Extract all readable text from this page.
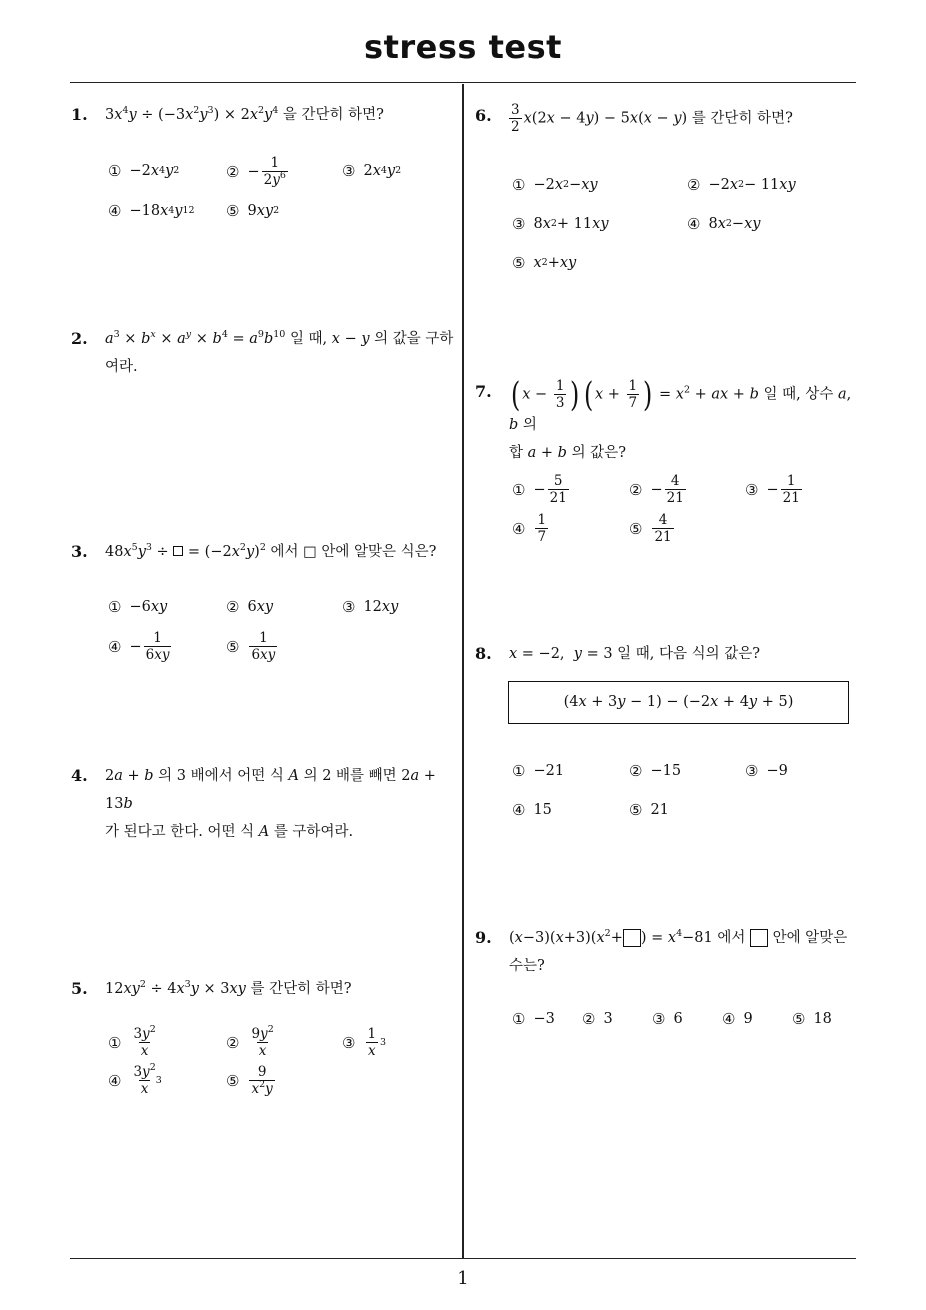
stress test
1
1. $3x^4y \div (-3x^2y^3) \times 2x^2y^4$ 을 간단히 하면?
① −2 x 4 y 2	② − $\frac{1}{2y^6}$	③ 2 x 4 y 2
④ −18 x 4 y 12 ⑤ 9 xy 2
2. $a^3 \times b^x \times a^y \times b^4 = a^9b^{10}$ 일 때, x − y 의 값을 구하
여라.
3. $48x^5y^3$ ÷  = $(-2x^2y)^2$ 에서 □ 안에 알맞은 식은?
① −6 xy	② 6 xy	③ 12 xy
④ − $\frac{1}{6xy}$	⑤ $\frac{1}{6xy}$
4. 2a + b 의 3 배에서 어떤 식 A 의 2 배를 빼면 2a + 13b
가 된다고 한다. 어떤 식 A 를 구하여라.
5. $12xy^2 \div 4x^3y \times 3xy$ 를 간단히 하면?
① $\frac{3y^2}{x}$	② $\frac{9y^2}{x}$	③ $\frac{1}{x} 3$
④ $\frac{3y^2}{x}$
3	⑤ $\frac{9}{x^2y}$
6. $\frac{3}{2} x(2x - 4y) - 5x(x - y)$ 를 간단히 하면?
① −2 x 2 − xy	② −2 x 2 − 11 xy
③ 8 x 2 + 11 xy	④ 8 x 2 − xy
⑤ x 2 + xy
7. ( $x - \frac{1}{3}$ ) ( $x + \frac{1}{7}$ ) = $x^2$ + ax + b 일 때, 상수 a, b 의
합 a + b 의 값은?
① − $\frac{5}{21}$	② − $\frac{4}{21}$	③ − $\frac{1}{21}$
④ $\frac{1}{7}$	⑤ $\frac{4}{21}$
8. x = −2,  y = 3 일 때, 다음 식의 값은?
(4x + 3y − 1) − (−2x + 4y + 5)
① −21	② −15	③ −9
④ 15	⑤ 21
9. $(x-3)(x+3)(x^2+$ ) = $x^4-81$ 에서 안에 알맞은
수는?
① −3 ② 3	③ 6	④ 9	⑤ 18
